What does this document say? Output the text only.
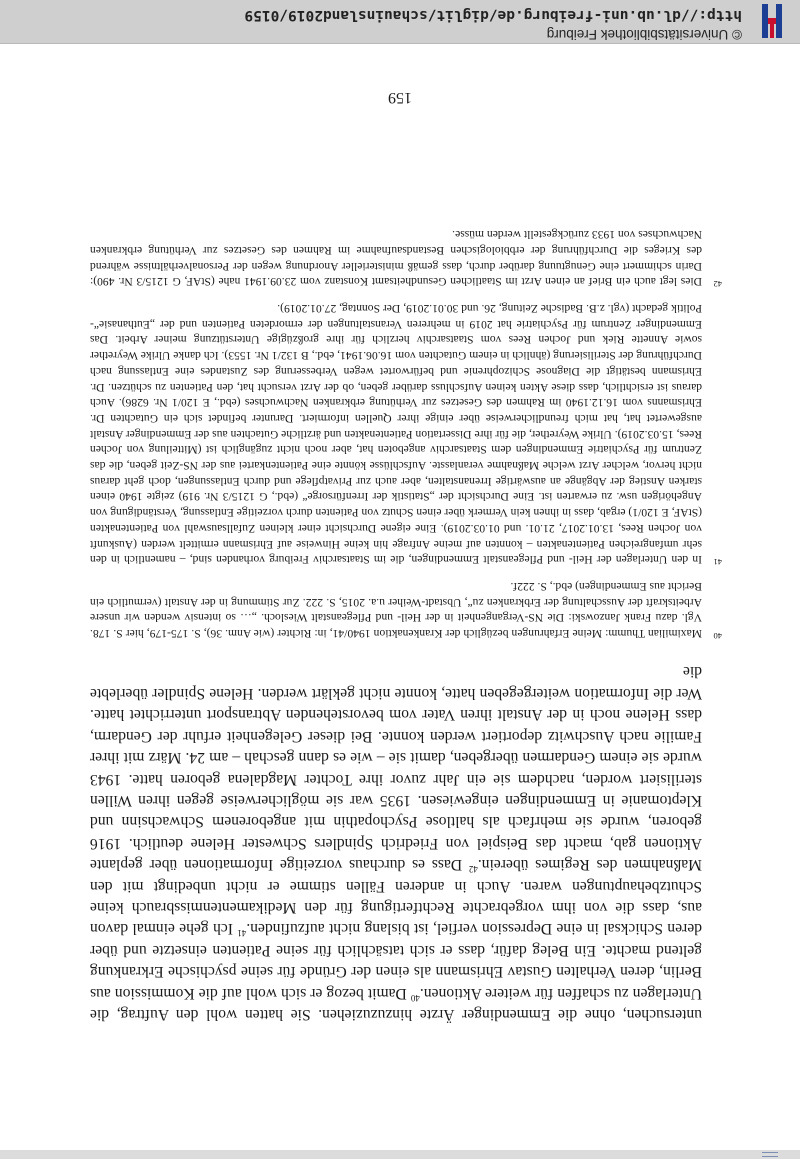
© Universitätsbibliothek Freiburg
http://dl.ub.uni-freiburg.de/diglit/schauinsland2019/0159

untersuchen, ohne die Emmendinger Ärzte hinzuzuziehen. Sie hatten wohl den Auftrag, die Unterlagen zu schaffen für weitere Aktionen.$^{40}$ Damit bezog er sich wohl auf die Kommission aus Berlin, deren Verhalten Gustav Ehrismann als einen der Gründe für seine psychische Erkrankung geltend machte. Ein Beleg dafür, dass er sich tatsächlich für seine Patienten einsetzte und über deren Schicksal in eine Depression verfiel, ist bislang nicht aufzufinden.$^{41}$ Ich gehe einmal davon aus, dass die von ihm vorgebrachte Rechtfertigung für den Medikamentenmissbrauch keine Schutzbehauptungen waren. Auch in anderen Fällen stimme er nicht unbedingt mit den Maßnahmen des Regimes überein.$^{42}$ Dass es durchaus vorzeitige Informationen über geplante Aktionen gab, macht das Beispiel von Friedrich Spindlers Schwester Helene deutlich. 1916 geboren, wurde sie mehrfach als haltlose Psychopathin mit angeborenem Schwachsinn und Kleptomanie in Emmendingen eingewiesen. 1935 war sie möglicherweise gegen ihren Willen sterilisiert worden, nachdem sie ein Jahr zuvor ihre Tochter Magdalena geboren hatte. 1943 wurde sie einem Gendarmen übergeben, damit sie – wie es dann geschah – am 24. März mit ihrer Familie nach Auschwitz deportiert werden konnte. Bei dieser Gelegenheit erfuhr der Gendarm, dass Helene noch in der Anstalt ihren Vater vom bevorstehenden Abtransport unterrichtet hatte. Wer die Information weitergegeben hatte, konnte nicht geklärt werden. Helene Spindler überlebte die

40
Maximilian Thumm: Meine Erfahrungen bezüglich der Krankenaktion 1940/41, in: Richter (wie Anm. 36), S. 175-179, hier S. 178. Vgl. dazu Frank Janzowski: Die NS-Vergangenheit in der Heil- und Pflegeanstalt Wiesloch. „… so intensiv wenden wir unsere Arbeitskraft der Ausschaltung der Erbkranken zu“, Ubstadt-Weiher u.a. 2015, S. 222. Zur Stimmung in der Anstalt (vermutlich ein Bericht aus Emmendingen) ebd., S. 222f.

41
In den Unterlagen der Heil- und Pflegeanstalt Emmendingen, die im Staatsarchiv Freiburg vorhanden sind, – namentlich in den sehr umfangreichen Patientenakten – konnten auf meine Anfrage hin keine Hinweise auf Ehrismann ermittelt werden (Auskunft von Jochen Rees, 13.01.2017, 21.01. und 01.03.2019). Eine eigene Durchsicht einer kleinen Zufallsauswahl von Patientenakten (StAF, E 120/1) ergab, dass in ihnen kein Vermerk über einen Schutz von Patienten durch vorzeitige Entlassung, Verständigung von Angehörigen usw. zu erwarten ist. Eine Durchsicht der „Statistik der Irrenfürsorge“ (ebd., G 1215/3 Nr. 919) zeigte 1940 einen starken Anstieg der Abgänge an auswärtige Irrenanstalten, aber auch zur Privatpflege und durch Entlassungen, doch geht daraus nicht hervor, welcher Arzt welche Maßnahme veranlasste. Aufschlüsse könnte eine Patientenkartei aus der NS-Zeit geben, die das Zentrum für Psychiatrie Emmendingen dem Staatsarchiv angeboten hat, aber noch nicht zugänglich ist (Mitteilung von Jochen Rees, 15.03.2019). Ulrike Weyrether, die für ihre Dissertation Patientenakten und ärztliche Gutachten aus der Emmendinger Anstalt ausgewertet hat, hat mich freundlicherweise über einige ihrer Quellen informiert. Darunter befindet sich ein Gutachten Dr. Ehrismanns vom 16.12.1940 im Rahmen des Gesetzes zur Verhütung erbkranken Nachwuchses (ebd., E 120/1 Nr. 6286). Auch daraus ist ersichtlich, dass diese Akten keinen Aufschluss darüber geben, ob der Arzt versucht hat, den Patienten zu schützen. Dr. Ehrismann bestätigt die Diagnose Schizophrenie und befürwortet wegen Verbesserung des Zustandes eine Entlassung nach Durchführung der Sterilisierung (ähnlich in einem Gutachten vom 16.06.1941, ebd., B 132/1 Nr. 1553). Ich danke Ulrike Weyrether sowie Annette Riek und Jochen Rees vom Staatsarchiv herzlich für ihre großzügige Unterstützung meiner Arbeit. Das Emmendinger Zentrum für Psychiatrie hat 2019 in mehreren Veranstaltungen der ermordeten Patienten und der „Euthanasie“-Politik gedacht (vgl. z.B. Badische Zeitung, 26. und 30.01.2019, Der Sonntag, 27.01.2019).

42
Dies legt auch ein Brief an einen Arzt im Staatlichen Gesundheitsamt Konstanz vom 23.09.1941 nahe (StAF, G 1215/3 Nr. 490): Darin schimmert eine Genugtuung darüber durch, dass gemäß ministerieller Anordnung wegen der Personalverhältnisse während des Krieges die Durchführung der erbbiologischen Bestandsaufnahme im Rahmen des Gesetzes zur Verhütung erbkranken Nachwuchses von 1933 zurückgestellt werden müsse.

159
